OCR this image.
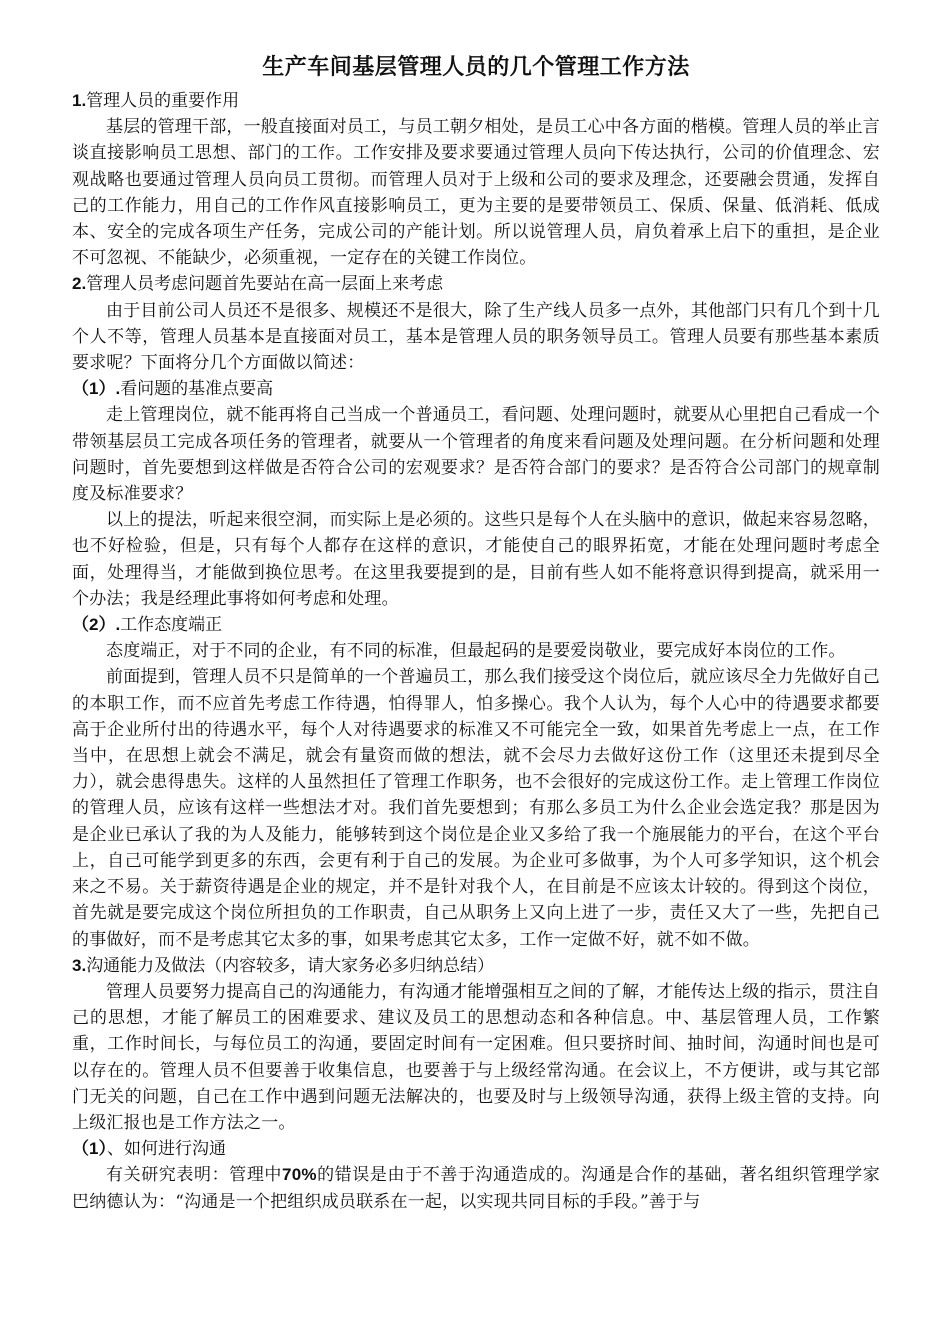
生产车间基层管理人员的几个管理工作方法
1.管理人员的重要作用

基层的管理干部，一般直接面对员工，与员工朝夕相处，是员工心中各方面的楷模。管理人员的举止言谈直接影响员工思想、部门的工作。工作安排及要求要通过管理人员向下传达执行，公司的价值理念、宏观战略也要通过管理人员向员工贯彻。而管理人员对于上级和公司的要求及理念，还要融会贯通，发挥自己的工作能力，用自己的工作作风直接影响员工，更为主要的是要带领员工、保质、保量、低消耗、低成本、安全的完成各项生产任务，完成公司的产能计划。所以说管理人员，肩负着承上启下的重担，是企业不可忽视、不能缺少，必须重视，一定存在的关键工作岗位。

2.管理人员考虑问题首先要站在高一层面上来考虑

由于目前公司人员还不是很多、规模还不是很大，除了生产线人员多一点外，其他部门只有几个到十几个人不等，管理人员基本是直接面对员工，基本是管理人员的职务领导员工。管理人员要有那些基本素质要求呢？下面将分几个方面做以简述：

（1）.看问题的基准点要高

走上管理岗位，就不能再将自己当成一个普通员工，看问题、处理问题时，就要从心里把自己看成一个带领基层员工完成各项任务的管理者，就要从一个管理者的角度来看问题及处理问题。在分析问题和处理问题时，首先要想到这样做是否符合公司的宏观要求？是否符合部门的要求？是否符合公司部门的规章制度及标准要求？

以上的提法，听起来很空洞，而实际上是必须的。这些只是每个人在头脑中的意识，做起来容易忽略，也不好检验，但是，只有每个人都存在这样的意识，才能使自己的眼界拓宽，才能在处理问题时考虑全面，处理得当，才能做到换位思考。在这里我要提到的是，目前有些人如不能将意识得到提高，就采用一个办法；我是经理此事将如何考虑和处理。

（2）.工作态度端正

态度端正，对于不同的企业，有不同的标准，但最起码的是要爱岗敬业，要完成好本岗位的工作。

前面提到，管理人员不只是简单的一个普遍员工，那么我们接受这个岗位后，就应该尽全力先做好自己的本职工作，而不应首先考虑工作待遇，怕得罪人，怕多操心。我个人认为，每个人心中的待遇要求都要高于企业所付出的待遇水平，每个人对待遇要求的标准又不可能完全一致，如果首先考虑上一点，在工作当中，在思想上就会不满足，就会有量资而做的想法，就不会尽力去做好这份工作（这里还未提到尽全力），就会患得患失。这样的人虽然担任了管理工作职务，也不会很好的完成这份工作。走上管理工作岗位的管理人员，应该有这样一些想法才对。我们首先要想到；有那么多员工为什么企业会选定我？那是因为是企业已承认了我的为人及能力，能够转到这个岗位是企业又多给了我一个施展能力的平台，在这个平台上，自己可能学到更多的东西，会更有利于自己的发展。为企业可多做事，为个人可多学知识，这个机会来之不易。关于薪资待遇是企业的规定，并不是针对我个人，在目前是不应该太计较的。得到这个岗位，首先就是要完成这个岗位所担负的工作职责，自己从职务上又向上进了一步，责任又大了一些，先把自己的事做好，而不是考虑其它太多的事，如果考虑其它太多，工作一定做不好，就不如不做。

3.沟通能力及做法（内容较多，请大家务必多归纳总结）

管理人员要努力提高自己的沟通能力，有沟通才能增强相互之间的了解，才能传达上级的指示，贯注自己的思想，才能了解员工的困难要求、建议及员工的思想动态和各种信息。中、基层管理人员，工作繁重，工作时间长，与每位员工的沟通，要固定时间有一定困难。但只要挤时间、抽时间，沟通时间也是可以存在的。管理人员不但要善于收集信息，也要善于与上级经常沟通。在会议上，不方便讲，或与其它部门无关的问题，自己在工作中遇到问题无法解决的，也要及时与上级领导沟通，获得上级主管的支持。向上级汇报也是工作方法之一。

（1）、如何进行沟通

有关研究表明：管理中70%的错误是由于不善于沟通造成的。沟通是合作的基础，著名组织管理学家巴纳德认为：“沟通是一个把组织成员联系在一起，以实现共同目标的手段。”善于与
